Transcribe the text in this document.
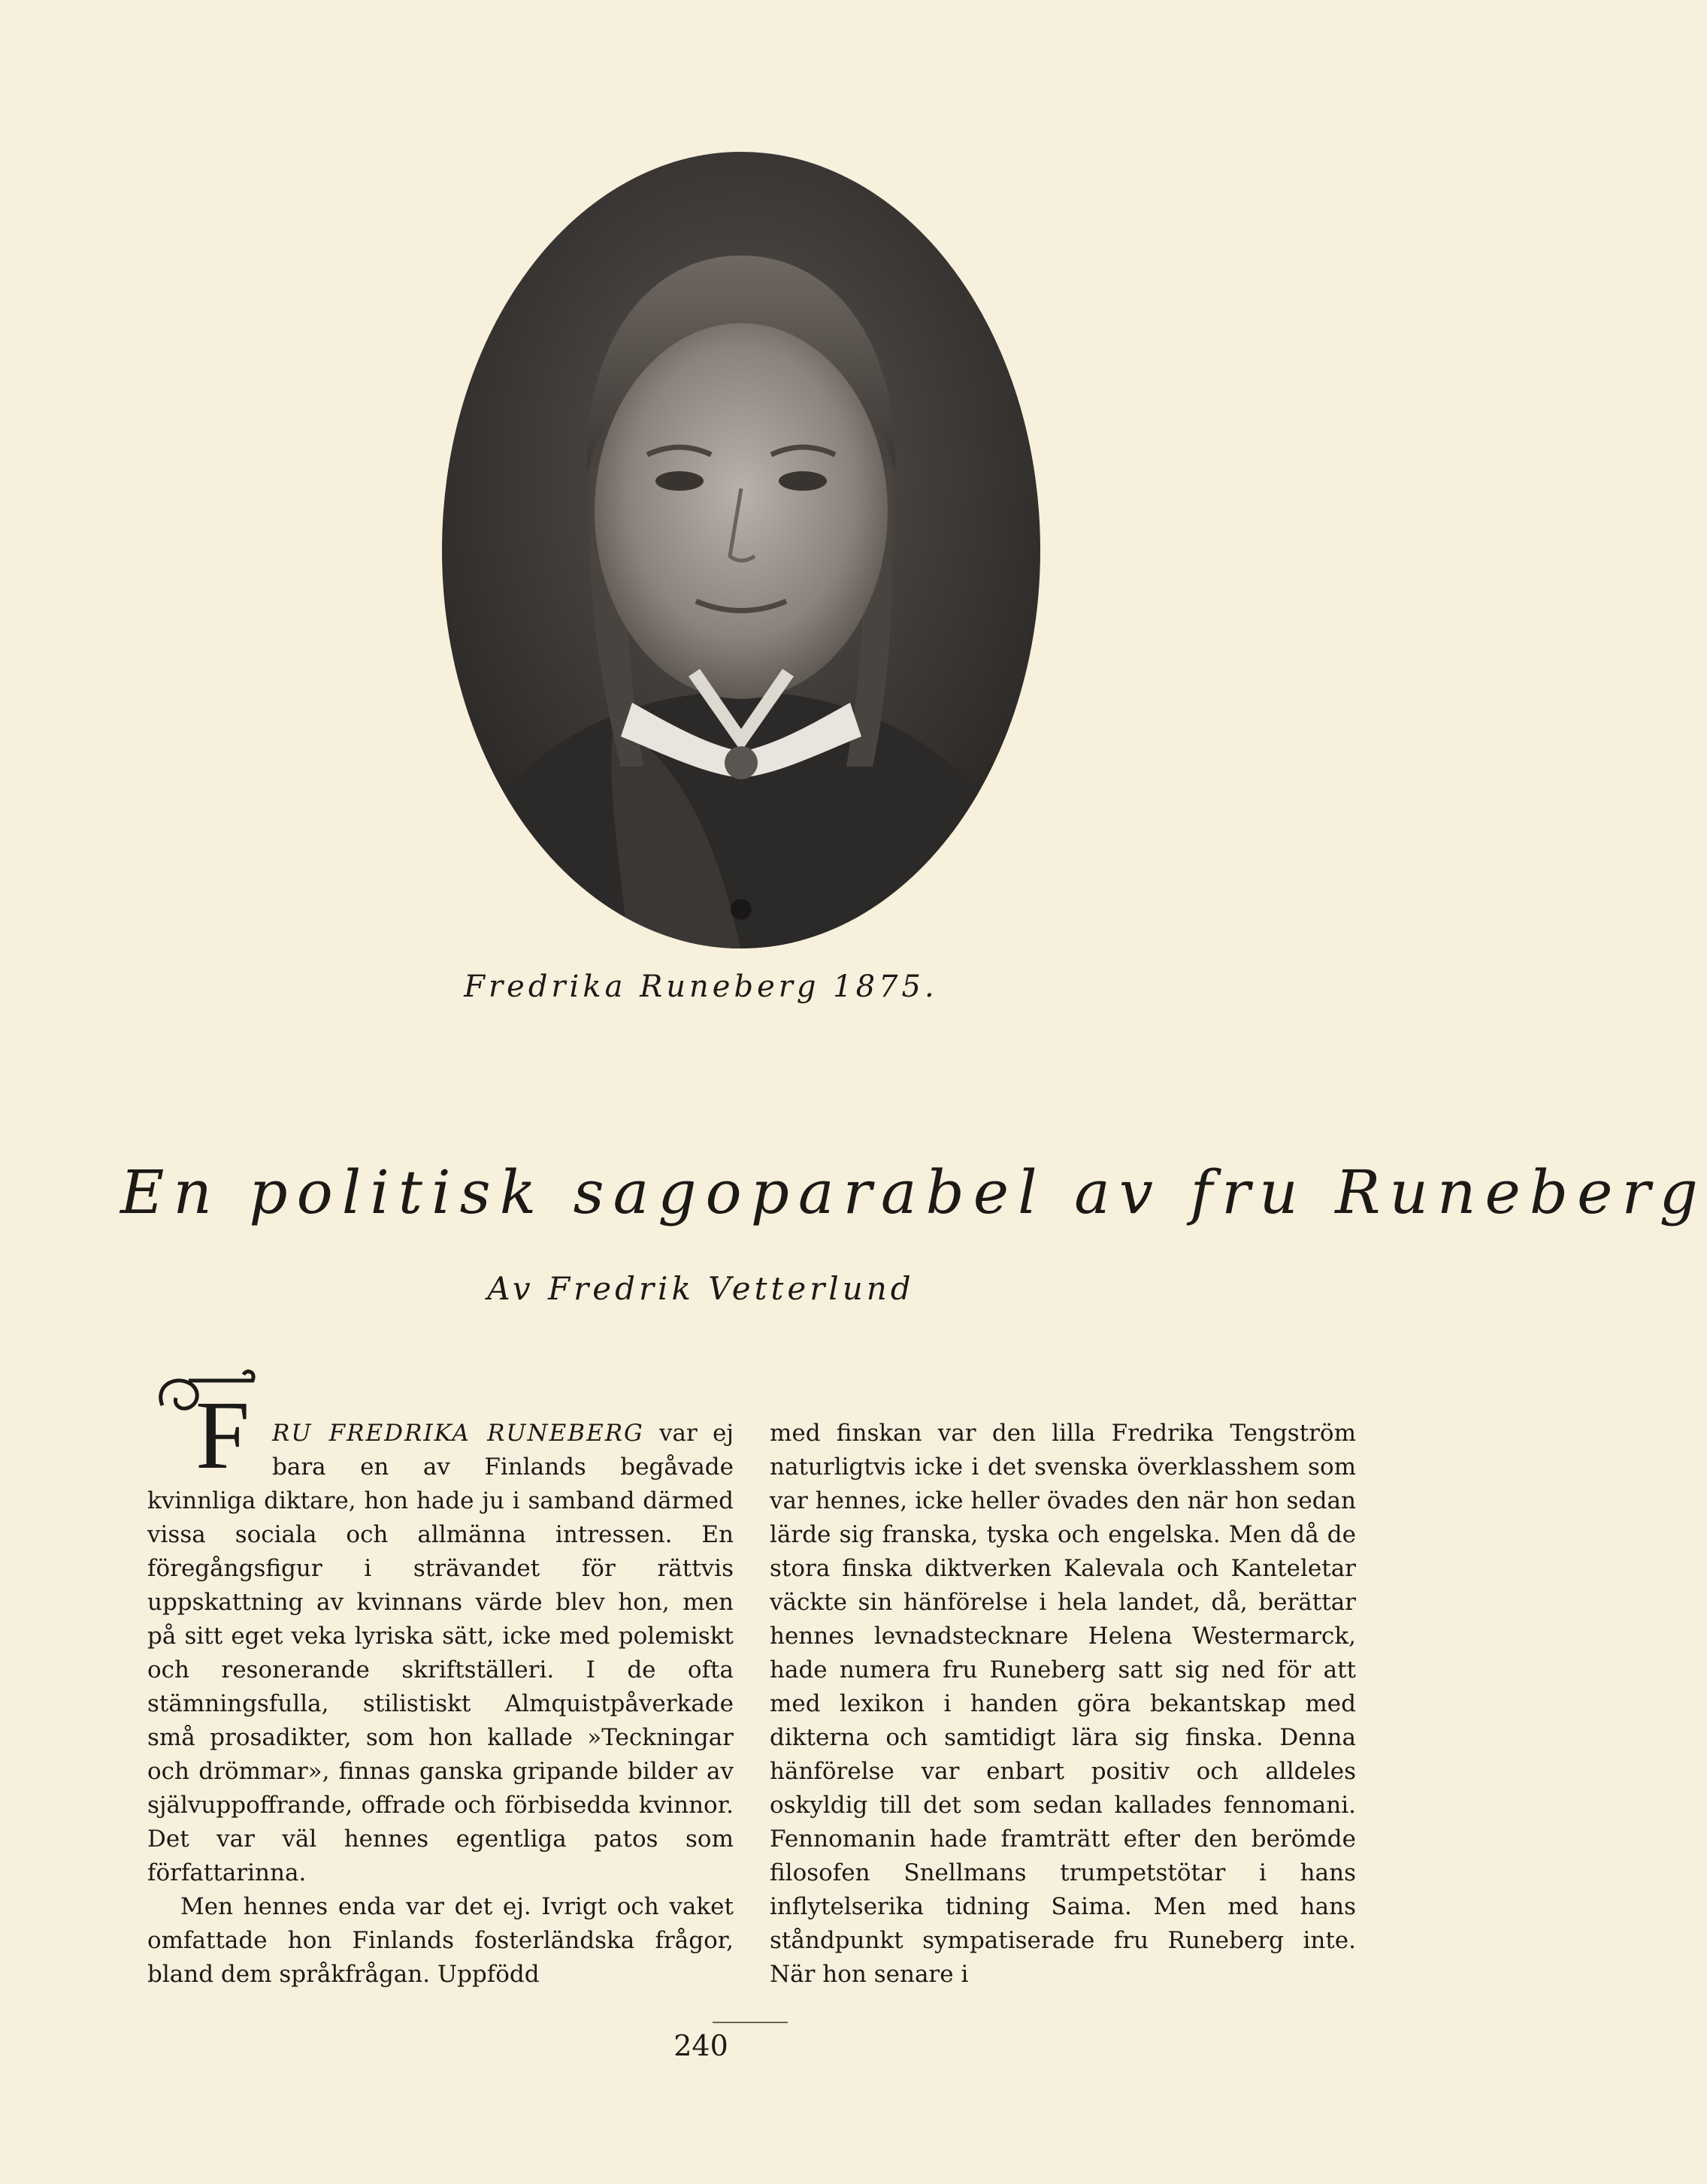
Fredrika Runeberg 1875.
En politisk sagoparabel av fru Runeberg
Av Fredrik Vetterlund

F RU FREDRIKA RUNEBERG var ej bara en av Finlands begåvade kvinnliga diktare, hon hade ju i samband därmed vissa sociala och allmänna intressen. En föregångsfigur i strävandet för rättvis uppskattning av kvinnans värde blev hon, men på sitt eget veka lyriska sätt, icke med polemiskt och resonerande skriftställeri. I de ofta stämningsfulla, stilistiskt Almquistpåverkade små prosadikter, som hon kallade »Teckningar och drömmar», finnas ganska gripande bilder av självuppoffrande, offrade och förbisedda kvinnor. Det var väl hennes egentliga patos som författarinna.

Men hennes enda var det ej. Ivrigt och vaket omfattade hon Finlands fosterländska frågor, bland dem språkfrågan. Uppfödd

med finskan var den lilla Fredrika Tengström naturligtvis icke i det svenska överklasshem som var hennes, icke heller övades den när hon sedan lärde sig franska, tyska och engelska. Men då de stora finska diktverken Kalevala och Kanteletar väckte sin hänförelse i hela landet, då, berättar hennes levnadstecknare Helena Westermarck, hade numera fru Runeberg satt sig ned för att med lexikon i handen göra bekantskap med dikterna och samtidigt lära sig finska. Denna hänförelse var enbart positiv och alldeles oskyldig till det som sedan kallades fennomani. Fennomanin hade framträtt efter den berömde filosofen Snellmans trumpetstötar i hans inflytelserika tidning Saima. Men med hans ståndpunkt sympatiserade fru Runeberg inte. När hon senare i

240
